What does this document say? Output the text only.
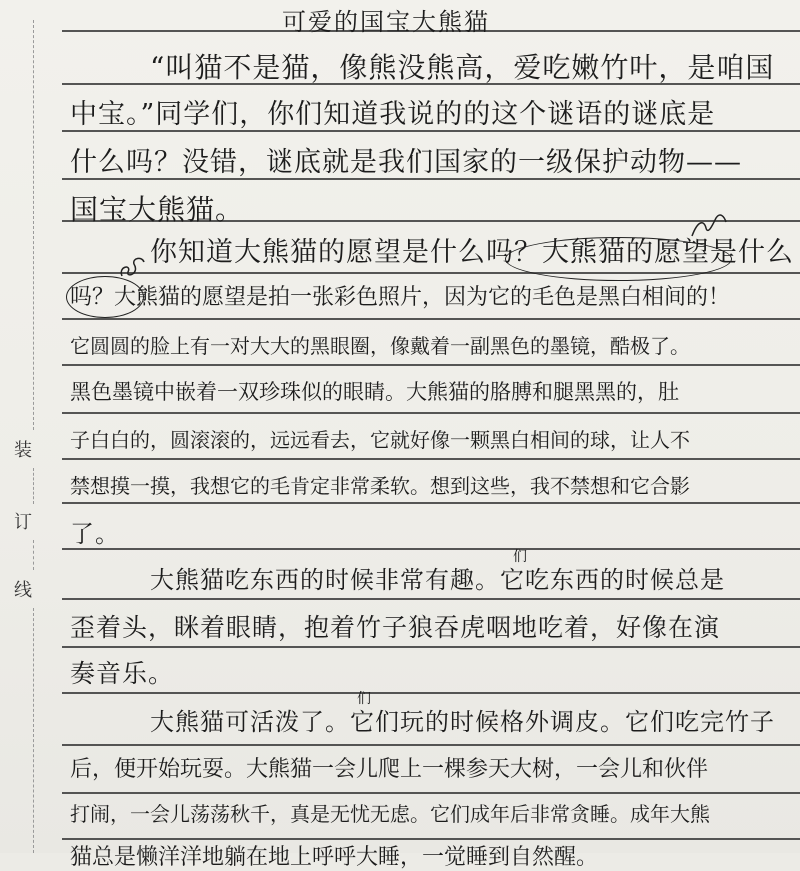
装
订
线
可爱的国宝大熊猫
“叫猫不是猫，像熊没熊高，爱吃嫩竹叶，是咱国
中宝。”同学们，你们知道我说的的这个谜语的谜底是
什么吗？没错，谜底就是我们国家的一级保护动物——
国宝大熊猫。
你知道大熊猫的愿望是什么吗？大熊猫的愿望是什么
吗？大熊猫的愿望是拍一张彩色照片，因为它的毛色是黑白相间的！
它圆圆的脸上有一对大大的黑眼圈，像戴着一副黑色的墨镜，酷极了。
黑色墨镜中嵌着一双珍珠似的眼睛。大熊猫的胳膊和腿黑黑的，肚
子白白的，圆滚滚的，远远看去，它就好像一颗黑白相间的球，让人不
禁想摸一摸，我想它的毛肯定非常柔软。想到这些，我不禁想和它合影
了。
大熊猫吃东西的时候非常有趣。它吃东西的时候总是
歪着头，眯着眼睛，抱着竹子狼吞虎咽地吃着，好像在演
奏音乐。
大熊猫可活泼了。它们玩的时候格外调皮。它们吃完竹子
后，便开始玩耍。大熊猫一会儿爬上一棵参天大树，一会儿和伙伴
打闹，一会儿荡荡秋千，真是无忧无虑。它们成年后非常贪睡。成年大熊
猫总是懒洋洋地躺在地上呼呼大睡，一觉睡到自然醒。
们
们
